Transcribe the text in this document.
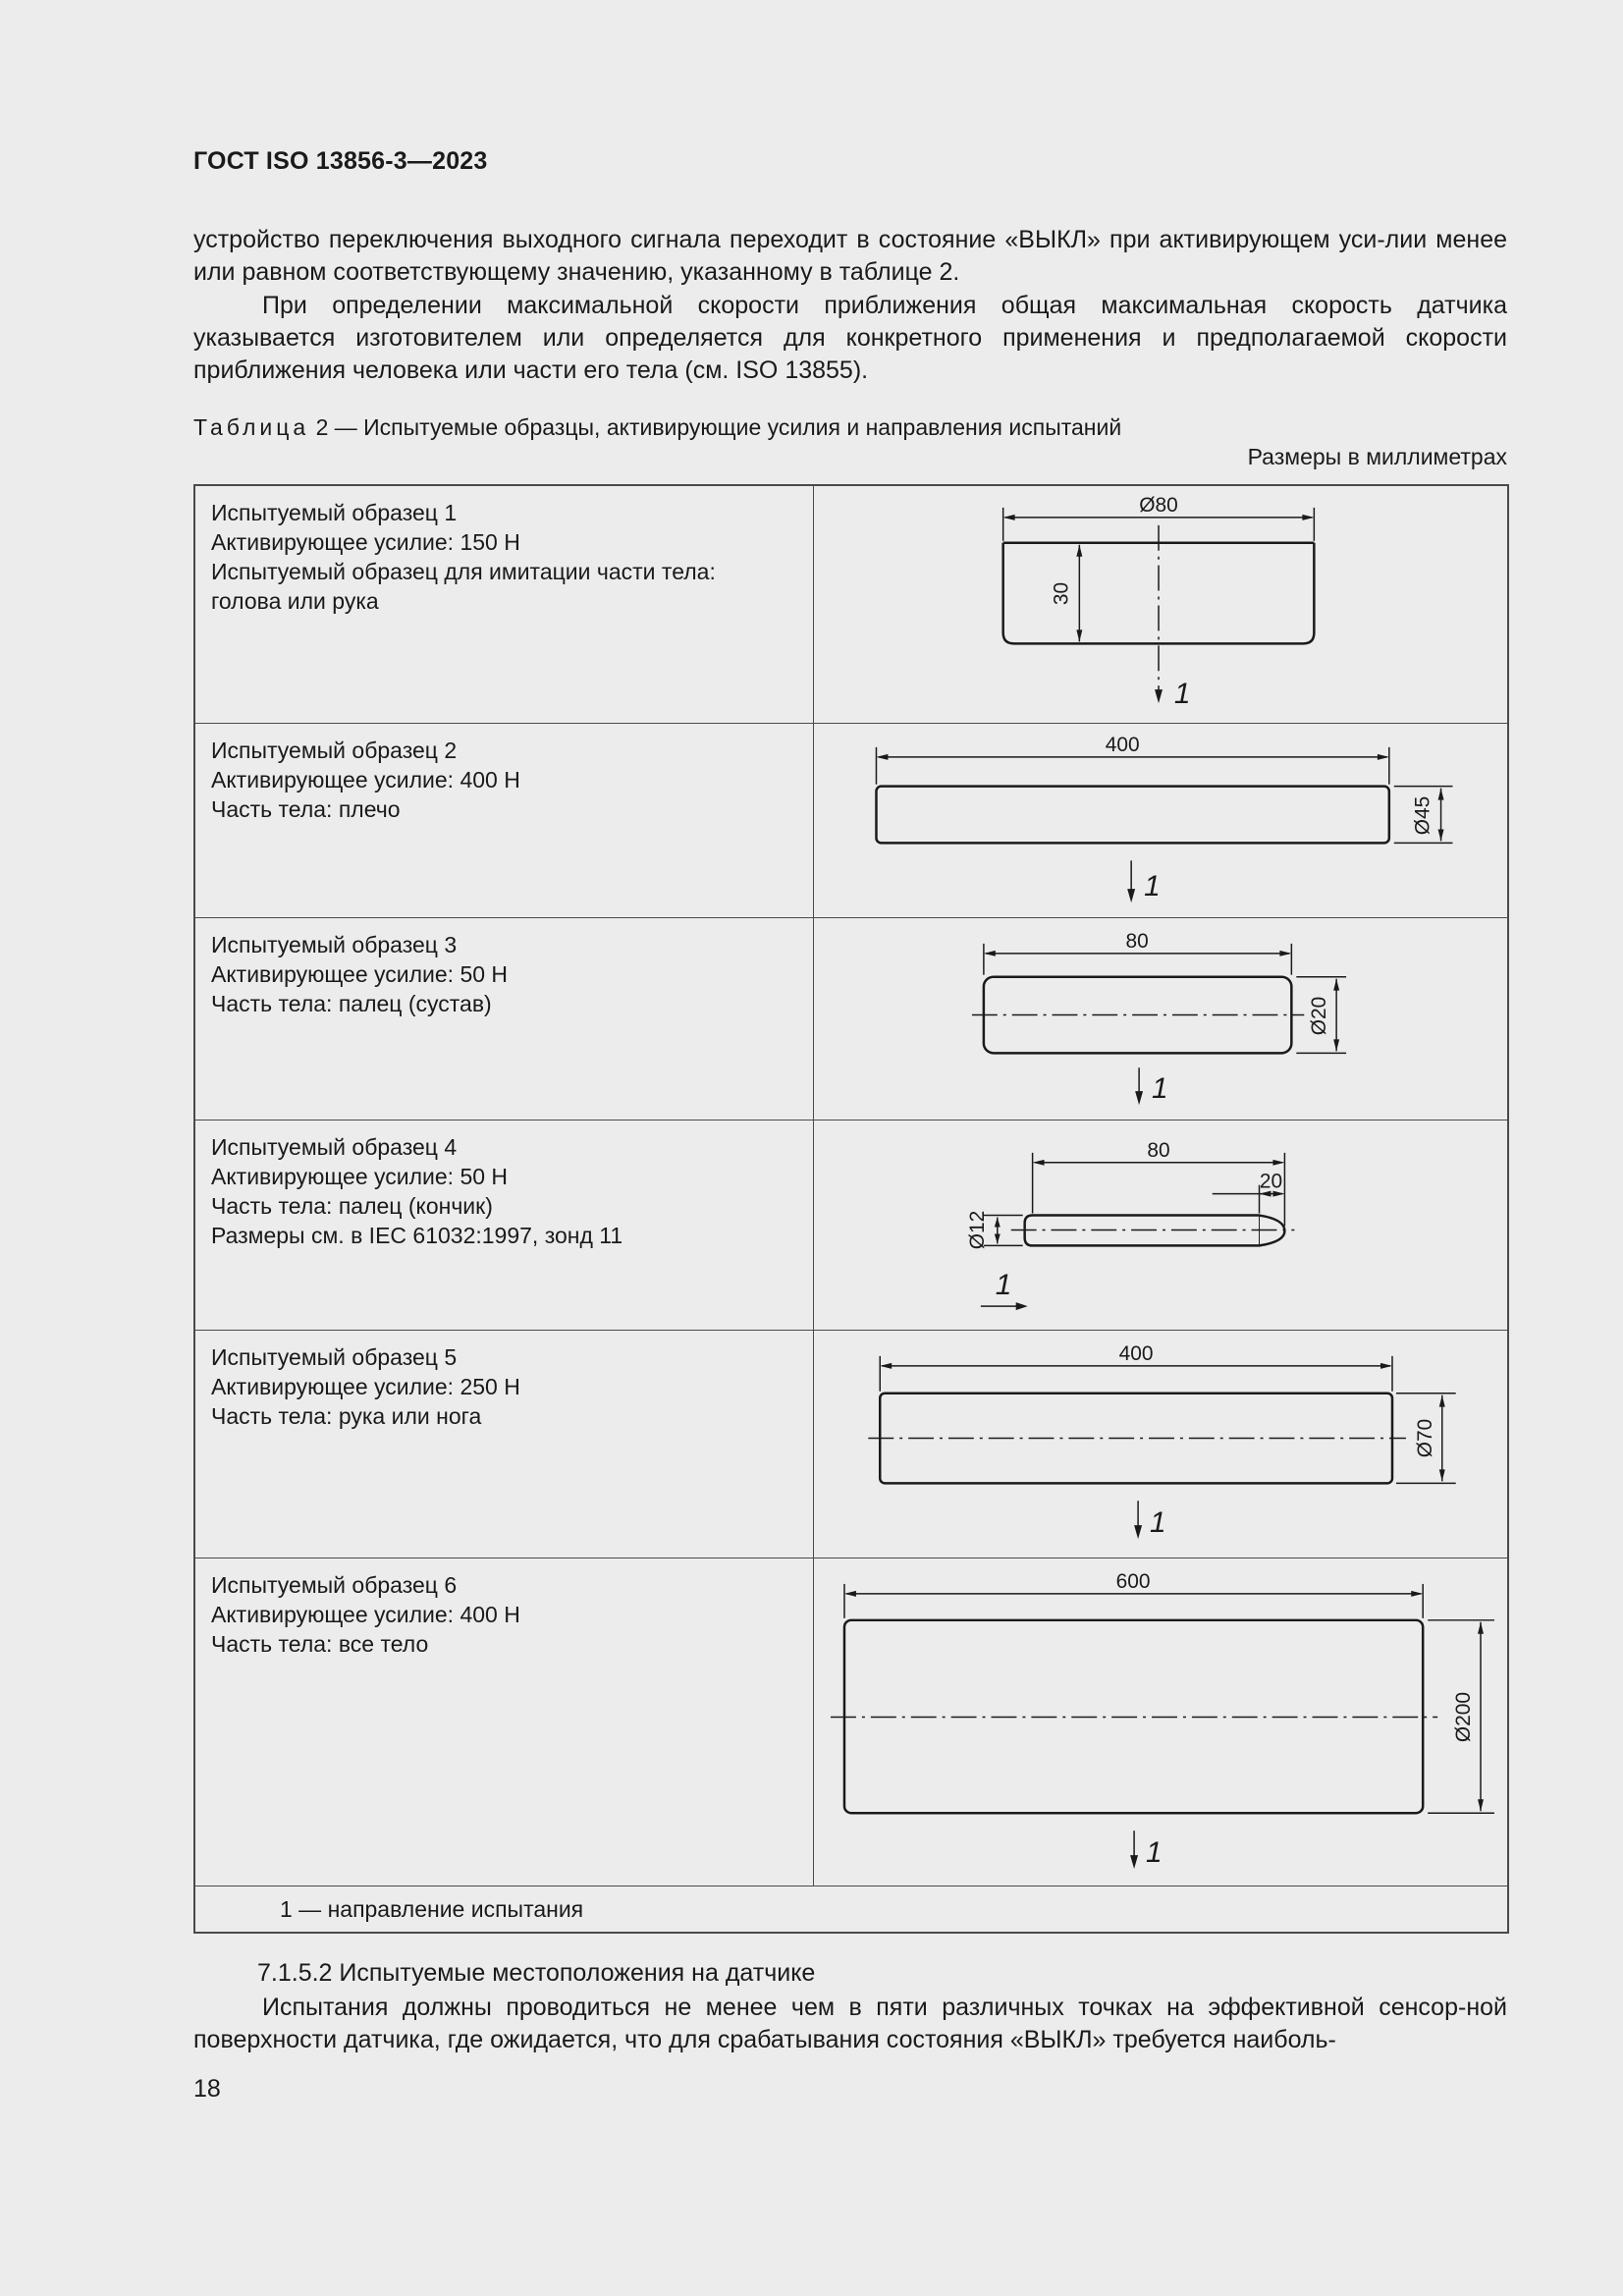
ГОСТ ISO 13856-3—2023
устройство переключения выходного сигнала переходит в состояние «ВЫКЛ» при активирующем уси-лии менее или равном соответствующему значению, указанному в таблице 2.
При определении максимальной скорости приближения общая максимальная скорость датчика указывается изготовителем или определяется для конкретного применения и предполагаемой скорости приближения человека или части его тела (см. ISO 13855).
Таблица 2 — Испытуемые образцы, активирующие усилия и направления испытаний
Размеры в миллиметрах
Испытуемый образец 1
Активирующее усилие: 150 Н
Испытуемый образец для имитации части тела:
голова или рука
Ø80
30
1
Испытуемый образец 2
Активирующее усилие: 400 Н
Часть тела: плечо
400
Ø45
1
Испытуемый образец 3
Активирующее усилие: 50 Н
Часть тела: палец (сустав)
80
Ø20
1
Испытуемый образец 4
Активирующее усилие: 50 Н
Часть тела: палец (кончик)
Размеры см. в IEC 61032:1997, зонд 11
80
20
Ø12
1
Испытуемый образец 5
Активирующее усилие: 250 Н
Часть тела: рука или нога
400
Ø70
1
Испытуемый образец 6
Активирующее усилие: 400 Н
Часть тела: все тело
600
Ø200
1
1 — направление испытания
7.1.5.2 Испытуемые местоположения на датчике
Испытания должны проводиться не менее чем в пяти различных точках на эффективной сенсор-ной поверхности датчика, где ожидается, что для срабатывания состояния «ВЫКЛ» требуется наиболь-
18
